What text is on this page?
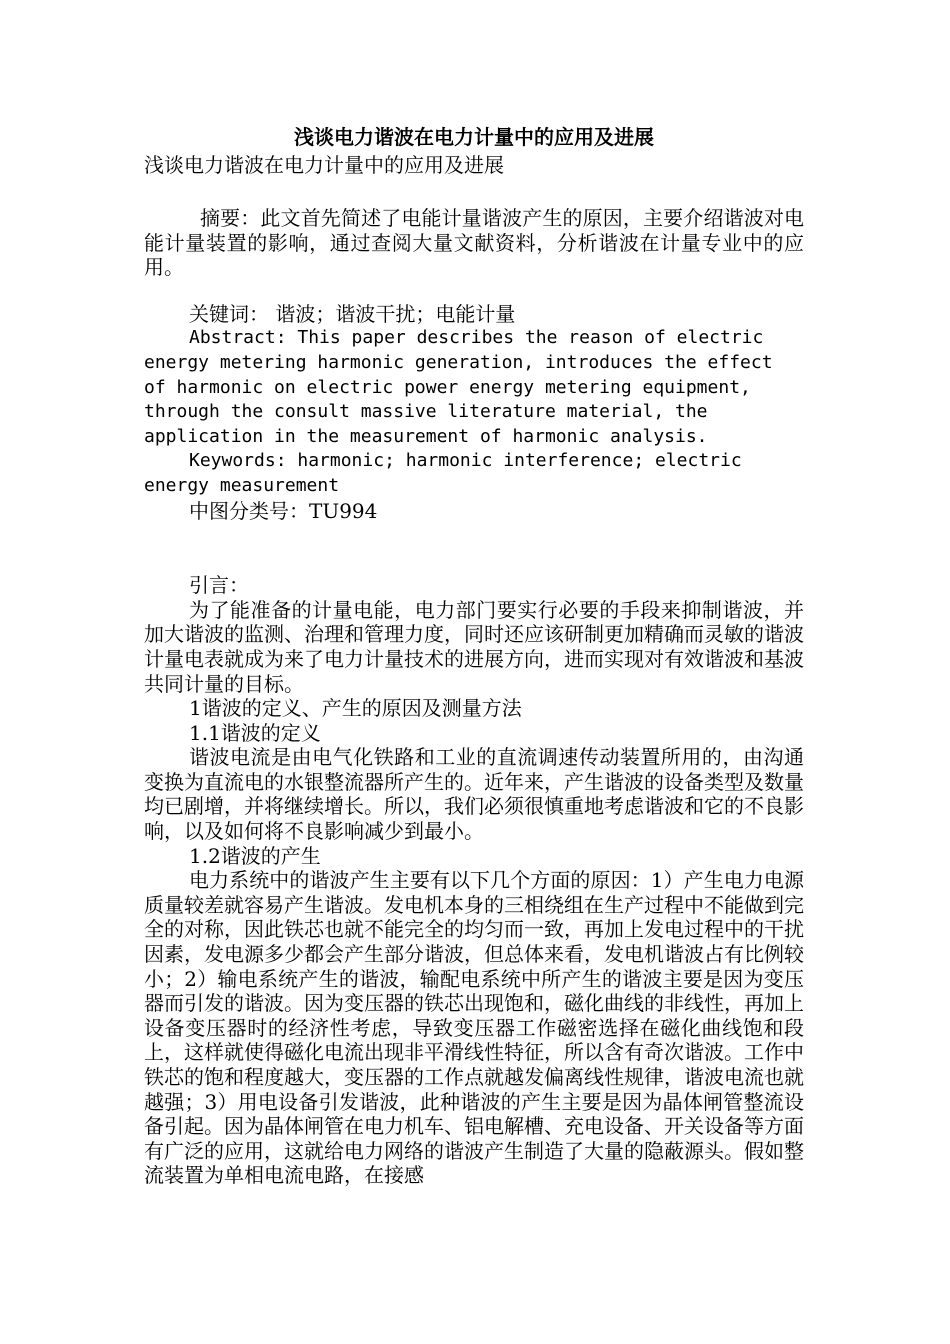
浅谈电力谐波在电力计量中的应用及进展
浅谈电力谐波在电力计量中的应用及进展

摘要：此文首先简述了电能计量谐波产生的原因，主要介绍谐波对电能计量装置的影响，通过查阅大量文献资料，分析谐波在计量专业中的应用。

关键词： 谐波；谐波干扰；电能计量

Abstract: This paper describes the reason of electric energy metering harmonic generation, introduces the effect of harmonic on electric power energy metering equipment, through the consult massive literature material, the application in the measurement of harmonic analysis.

Keywords: harmonic; harmonic interference; electric energy measurement

中图分类号：TU994

引言：

为了能准备的计量电能，电力部门要实行必要的手段来抑制谐波，并加大谐波的监测、治理和管理力度，同时还应该研制更加精确而灵敏的谐波计量电表就成为来了电力计量技术的进展方向，进而实现对有效谐波和基波共同计量的目标。

1谐波的定义、产生的原因及测量方法

1.1谐波的定义

谐波电流是由电气化铁路和工业的直流调速传动装置所用的，由沟通变换为直流电的水银整流器所产生的。近年来，产生谐波的设备类型及数量均已剧增，并将继续增长。所以，我们必须很慎重地考虑谐波和它的不良影响，以及如何将不良影响减少到最小。

1.2谐波的产生

电力系统中的谐波产生主要有以下几个方面的原因：1）产生电力电源质量较差就容易产生谐波。发电机本身的三相绕组在生产过程中不能做到完全的对称，因此铁芯也就不能完全的均匀而一致，再加上发电过程中的干扰因素，发电源多少都会产生部分谐波，但总体来看，发电机谐波占有比例较小；2）输电系统产生的谐波，输配电系统中所产生的谐波主要是因为变压器而引发的谐波。因为变压器的铁芯出现饱和，磁化曲线的非线性，再加上设备变压器时的经济性考虑，导致变压器工作磁密选择在磁化曲线饱和段上，这样就使得磁化电流出现非平滑线性特征，所以含有奇次谐波。工作中铁芯的饱和程度越大，变压器的工作点就越发偏离线性规律，谐波电流也就越强；3）用电设备引发谐波，此种谐波的产生主要是因为晶体闸管整流设备引起。因为晶体闸管在电力机车、铝电解槽、充电设备、开关设备等方面有广泛的应用，这就给电力网络的谐波产生制造了大量的隐蔽源头。假如整流装置为单相电流电路，在接感
